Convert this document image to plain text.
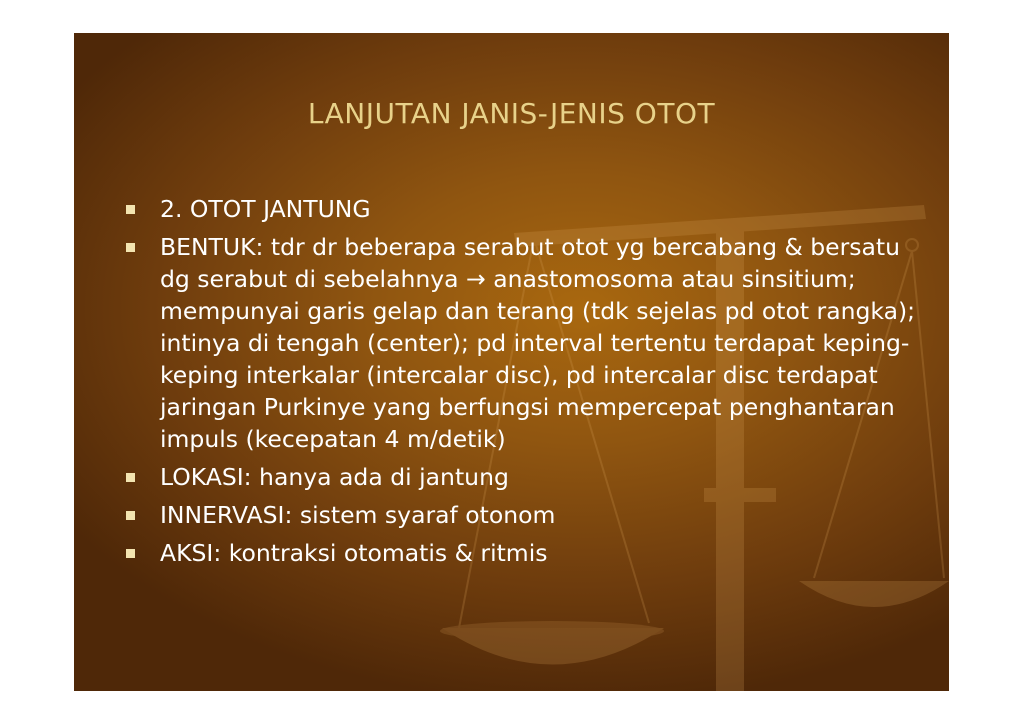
LANJUTAN JANIS-JENIS OTOT
2. OTOT JANTUNG
BENTUK: tdr dr beberapa serabut otot yg bercabang & bersatu dg serabut di sebelahnya → anastomosoma atau sinsitium; mempunyai garis gelap dan terang (tdk sejelas pd otot rangka); intinya di tengah (center); pd interval tertentu terdapat keping-keping interkalar (intercalar disc), pd intercalar disc terdapat jaringan Purkinye yang berfungsi mempercepat penghantaran impuls (kecepatan 4 m/detik)
LOKASI: hanya ada di jantung
INNERVASI: sistem syaraf otonom
AKSI: kontraksi otomatis & ritmis
